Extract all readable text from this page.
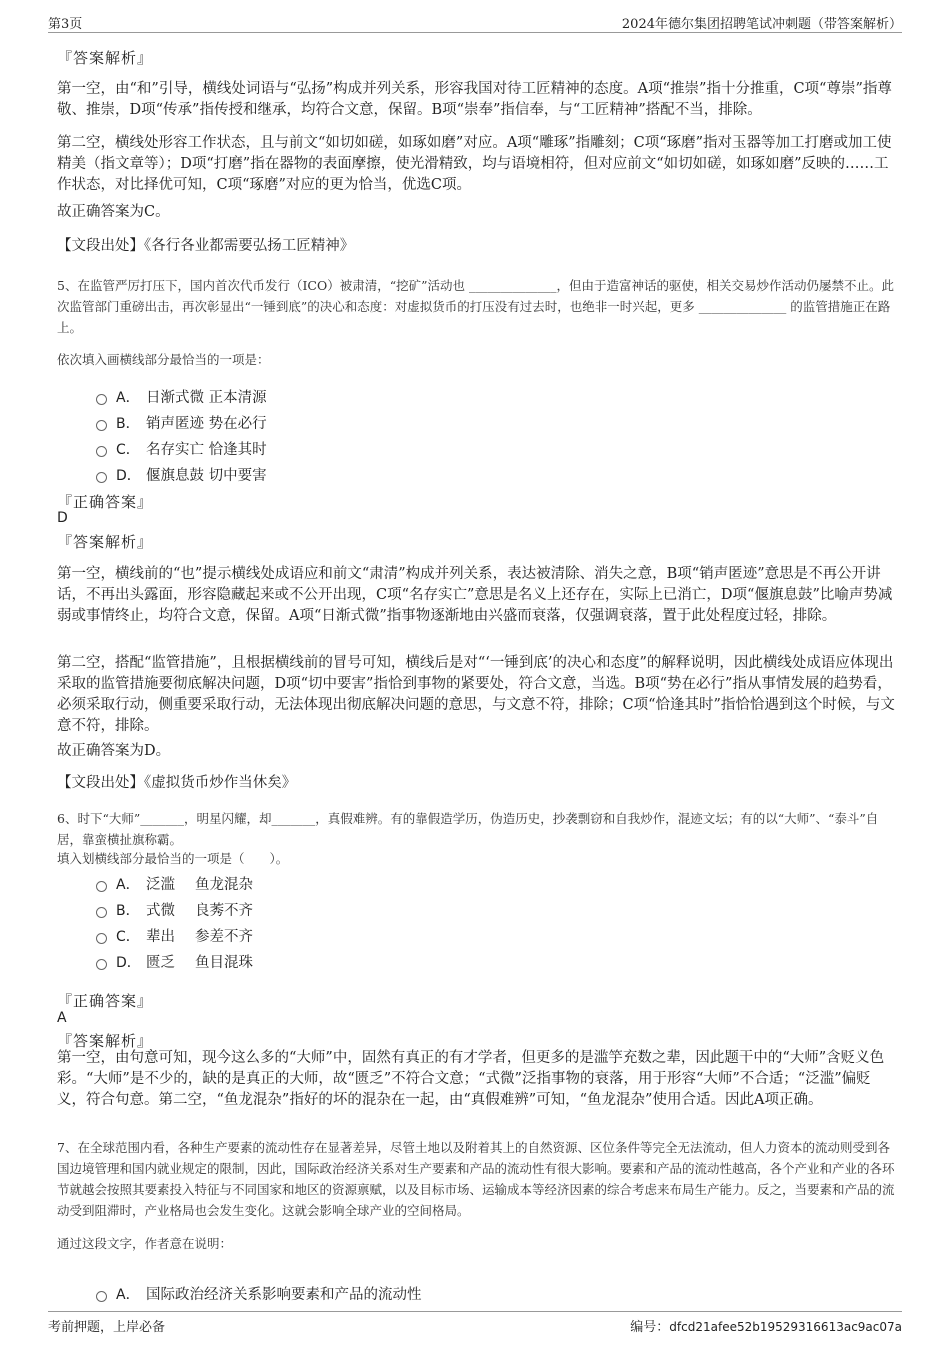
第3页	2024年德尔集团招聘笔试冲刺题（带答案解析）
『答案解析』

第一空，由“和”引导，横线处词语与“弘扬”构成并列关系，形容我国对待工匠精神的态度。A项“推崇”指十分推重，C项“尊崇”指尊敬、推崇，D项“传承”指传授和继承，均符合文意，保留。B项“崇奉”指信奉，与“工匠精神”搭配不当，排除。

第二空，横线处形容工作状态，且与前文“如切如磋，如琢如磨”对应。A项“雕琢”指雕刻；C项“琢磨”指对玉器等加工打磨或加工使精美（指文章等）；D项“打磨”指在器物的表面摩擦，使光滑精致，均与语境相符，但对应前文“如切如磋，如琢如磨”反映的……工作状态，对比择优可知，C项“琢磨”对应的更为恰当，优选C项。

故正确答案为C。

【文段出处】《各行各业都需要弘扬工匠精神》

5、在监管严厉打压下，国内首次代币发行（ICO）被肃清，“挖矿”活动也 ______________，但由于造富神话的驱使，相关交易炒作活动仍屡禁不止。此次监管部门重磅出击，再次彰显出“一锤到底”的决心和态度：对虚拟货币的打压没有过去时，也绝非一时兴起，更多 ______________ 的监管措施正在路上。

依次填入画横线部分最恰当的一项是：

A． 日渐式微 正本清源
B． 销声匿迹 势在必行
C． 名存实亡 恰逢其时
D． 偃旗息鼓 切中要害
『正确答案』
D
『答案解析』

第一空，横线前的“也”提示横线处成语应和前文“肃清”构成并列关系，表达被清除、消失之意，B项“销声匿迹”意思是不再公开讲话，不再出头露面，形容隐藏起来或不公开出现，C项“名存实亡”意思是名义上还存在，实际上已消亡，D项“偃旗息鼓”比喻声势减弱或事情终止，均符合文意，保留。A项“日渐式微”指事物逐渐地由兴盛而衰落，仅强调衰落，置于此处程度过轻，排除。

第二空，搭配“监管措施”，且根据横线前的冒号可知，横线后是对“‘一锤到底’的决心和态度”的解释说明，因此横线处成语应体现出采取的监管措施要彻底解决问题，D项“切中要害”指恰到事物的紧要处，符合文意，当选。B项“势在必行”指从事情发展的趋势看，必须采取行动，侧重要采取行动，无法体现出彻底解决问题的意思，与文意不符，排除；C项“恰逢其时”指恰恰遇到这个时候，与文意不符，排除。

故正确答案为D。

【文段出处】《虚拟货币炒作当休矣》

6、时下“大师”_______，明星闪耀，却_______，真假难辨。有的靠假造学历，伪造历史，抄袭剽窃和自我炒作，混迹文坛；有的以“大师”、“泰斗”自居，靠蛮横扯旗称霸。

填入划横线部分最恰当的一项是（　　）。

A． 泛滥 鱼龙混杂
B． 式微 良莠不齐
C． 辈出 参差不齐
D． 匮乏 鱼目混珠
『正确答案』
A
『答案解析』

第一空，由句意可知，现今这么多的“大师”中，固然有真正的有才学者，但更多的是滥竽充数之辈，因此题干中的“大师”含贬义色彩。“大师”是不少的，缺的是真正的大师，故“匮乏”不符合文意；“式微”泛指事物的衰落，用于形容“大师”不合适；“泛滥”偏贬义，符合句意。第二空，“鱼龙混杂”指好的坏的混杂在一起，由“真假难辨”可知，“鱼龙混杂”使用合适。因此A项正确。

7、在全球范围内看，各种生产要素的流动性存在显著差异，尽管土地以及附着其上的自然资源、区位条件等完全无法流动，但人力资本的流动则受到各国边境管理和国内就业规定的限制，因此，国际政治经济关系对生产要素和产品的流动性有很大影响。要素和产品的流动性越高，各个产业和产业的各环节就越会按照其要素投入特征与不同国家和地区的资源禀赋，以及目标市场、运输成本等经济因素的综合考虑来布局生产能力。反之，当要素和产品的流动受到阻滞时，产业格局也会发生变化。这就会影响全球产业的空间格局。

通过这段文字，作者意在说明：

A． 国际政治经济关系影响要素和产品的流动性
考前押题，上岸必备	编号：dfcd21afee52b19529316613ac9ac07a
